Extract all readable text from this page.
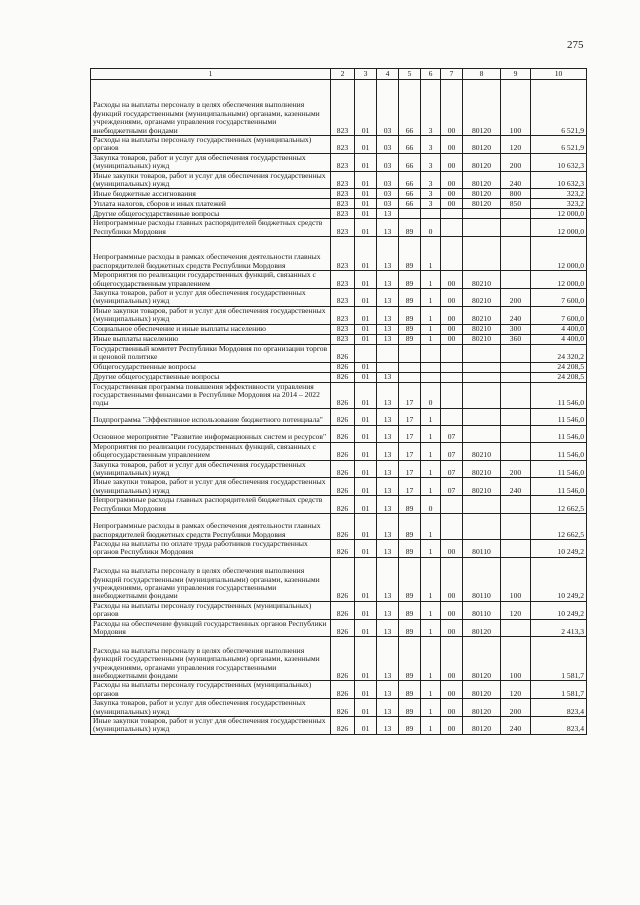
275
1	2	3	4	5	6	7	8	9	10
Расходы на выплаты персоналу в целях обеспечения выполнения функций государственными (муниципальными) органами, казенными учреждениями, органами управления государственными внебюджетными фондами	823	01	03	66	3	00	80120	100	6 521,9
Расходы на выплаты персоналу государственных (муниципальных) органов	823	01	03	66	3	00	80120	120	6 521,9
Закупка товаров, работ и услуг для обеспечения государственных (муниципальных) нужд	823	01	03	66	3	00	80120	200	10 632,3
Иные закупки товаров, работ и услуг для обеспечения государственных (муниципальных) нужд	823	01	03	66	3	00	80120	240	10 632,3
Иные бюджетные ассигнования	823	01	03	66	3	00	80120	800	323,2
Уплата налогов, сборов и иных платежей	823	01	03	66	3	00	80120	850	323,2
Другие общегосударственные вопросы	823	01	13						12 000,0
Непрограммные расходы главных распорядителей бюджетных средств Республики Мордовия	823	01	13	89	0				12 000,0
Непрограммные расходы в рамках обеспечения деятельности главных распорядителей бюджетных средств Республики Мордовия	823	01	13	89	1				12 000,0
Мероприятия по реализации государственных функций, связанных с общегосударственным управлением	823	01	13	89	1	00	80210		12 000,0
Закупка товаров, работ и услуг для обеспечения государственных (муниципальных) нужд	823	01	13	89	1	00	80210	200	7 600,0
Иные закупки товаров, работ и услуг для обеспечения государственных (муниципальных) нужд	823	01	13	89	1	00	80210	240	7 600,0
Социальное обеспечение и иные выплаты населению	823	01	13	89	1	00	80210	300	4 400,0
Иные выплаты населению	823	01	13	89	1	00	80210	360	4 400,0
Государственный комитет Республики Мордовия по организации торгов и ценовой политике	826								24 320,2
Общегосударственные вопросы	826	01							24 208,5
Другие общегосударственные вопросы	826	01	13						24 208,5
Государственная программа повышения эффективности управления государственными финансами в Республике Мордовия на 2014 – 2022 годы	826	01	13	17	0				11 546,0
Подпрограмма "Эффективное использование бюджетного потенциала"	826	01	13	17	1				11 546,0
Основное мероприятие "Развитие информационных систем и ресурсов"	826	01	13	17	1	07			11 546,0
Мероприятия по реализации государственных функций, связанных с общегосударственным управлением	826	01	13	17	1	07	80210		11 546,0
Закупка товаров, работ и услуг для обеспечения государственных (муниципальных) нужд	826	01	13	17	1	07	80210	200	11 546,0
Иные закупки товаров, работ и услуг для обеспечения государственных (муниципальных) нужд	826	01	13	17	1	07	80210	240	11 546,0
Непрограммные расходы главных распорядителей бюджетных средств Республики Мордовия	826	01	13	89	0				12 662,5
Непрограммные расходы в рамках обеспечения деятельности главных распорядителей бюджетных средств Республики Мордовия	826	01	13	89	1				12 662,5
Расходы на выплаты по оплате труда работников государственных органов Республики Мордовия	826	01	13	89	1	00	80110		10 249,2
Расходы на выплаты персоналу в целях обеспечения выполнения функций государственными (муниципальными) органами, казенными учреждениями, органами управления государственными внебюджетными фондами	826	01	13	89	1	00	80110	100	10 249,2
Расходы на выплаты персоналу государственных (муниципальных) органов	826	01	13	89	1	00	80110	120	10 249,2
Расходы на обеспечение функций государственных органов Республики Мордовия	826	01	13	89	1	00	80120		2 413,3
Расходы на выплаты персоналу в целях обеспечения выполнения функций государственными (муниципальными) органами, казенными учреждениями, органами управления государственными внебюджетными фондами	826	01	13	89	1	00	80120	100	1 581,7
Расходы на выплаты персоналу государственных (муниципальных) органов	826	01	13	89	1	00	80120	120	1 581,7
Закупка товаров, работ и услуг для обеспечения государственных (муниципальных) нужд	826	01	13	89	1	00	80120	200	823,4
Иные закупки товаров, работ и услуг для обеспечения государственных (муниципальных) нужд	826	01	13	89	1	00	80120	240	823,4
